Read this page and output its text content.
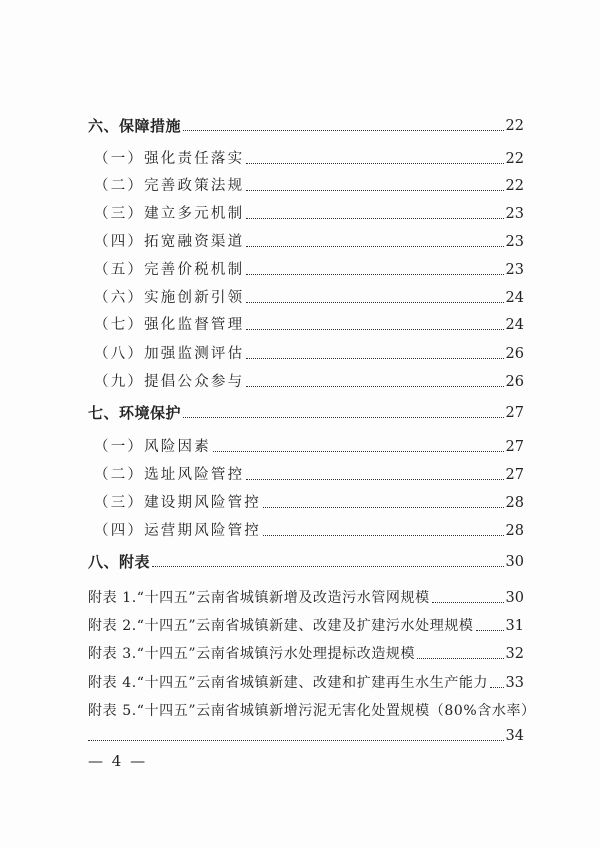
六、保障措施	22
（一）强化责任落实	22
（二）完善政策法规	22
（三）建立多元机制	23
（四）拓宽融资渠道	23
（五）完善价税机制	23
（六）实施创新引领	24
（七）强化监督管理	24
（八）加强监测评估	26
（九）提倡公众参与	26
七、环境保护	27
（一）风险因素	27
（二）选址风险管控	27
（三）建设期风险管控	28
（四）运营期风险管控	28
八、附表	30
附表 1.“十四五”云南省城镇新增及改造污水管网规模	30
附表 2.“十四五”云南省城镇新建、改建及扩建污水处理规模 31
附表 3.“十四五”云南省城镇污水处理提标改造规模	32
附表 4.“十四五”云南省城镇新建、改建和扩建再生水生产能力 33
附表 5.“十四五”云南省城镇新增污泥无害化处置规模（80%含水率）
34
— 4 —
